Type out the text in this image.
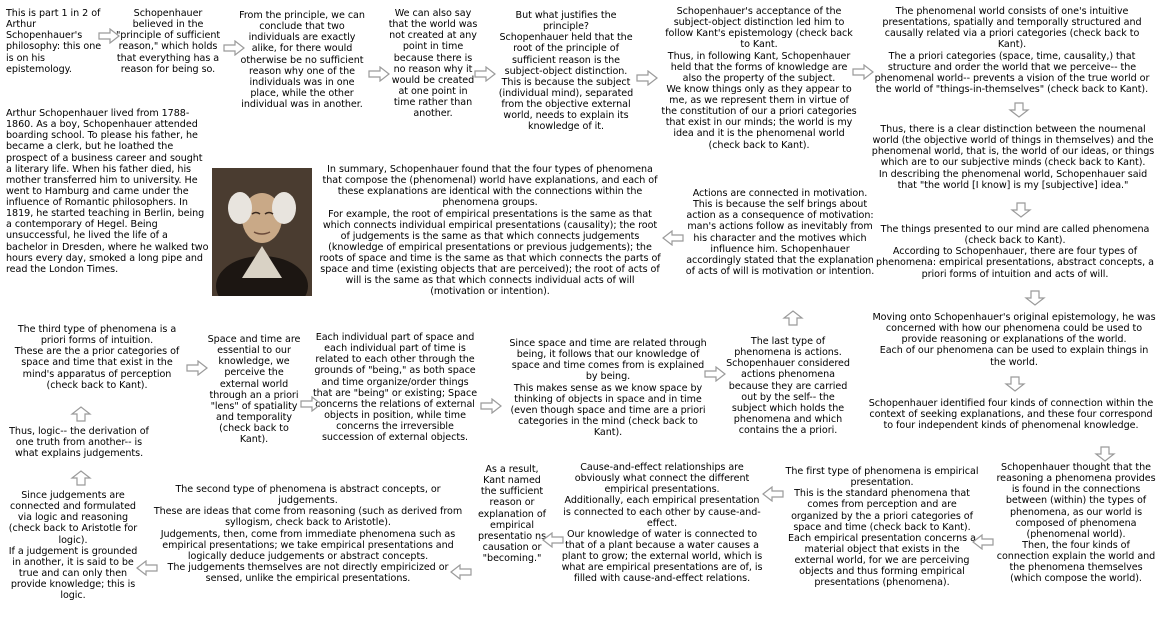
This is part 1 in 2 of Arthur Schopenhauer's philosophy: this one is on his epistemology.

Schopenhauer believed in the "principle of sufficient reason," which holds that everything has a reason for being so.

From the principle, we can conclude that two individuals are exactly alike, for there would otherwise be no sufficient reason why one of the individuals was in one place, while the other individual was in another.

We can also say that the world was not created at any point in time because there is no reason why it would be created at one point in time rather than another.

But what justifies the principle?
Schopenhauer held that the root of the principle of sufficient reason is the subject-object distinction.
This is because the subject (individual mind), separated from the objective external world, needs to explain its knowledge of it.

Schopenhauer's acceptance of the subject-object distinction led him to follow Kant's epistemology (check back to Kant.
Thus, in following Kant, Schopenhauer held that the forms of knowledge are also the property of the subject.
We know things only as they appear to me, as we represent them in virtue of the constitution of our a priori categories that exist in our minds; the world is my idea and it is the phenomenal world (check back to Kant).

The phenomenal world consists of one's intuitive presentations, spatially and temporally structured and causally related via a priori categories (check back to Kant).
The a priori categories (space, time, causality,) that structure and order the world that we perceive-- the phenomenal world-- prevents a vision of the true world or the world of "things-in-themselves" (check back to Kant).

Arthur Schopenhauer lived from 1788-1860. As a boy, Schopenhauer attended boarding school. To please his father, he became a clerk, but he loathed the prospect of a business career and sought a literary life. When his father died, his mother transferred him to university. He went to Hamburg and came under the influence of Romantic philosophers. In 1819, he started teaching in Berlin, being a contemporary of Hegel. Being unsuccessful, he lived the life of a bachelor in Dresden, where he walked two hours every day, smoked a long pipe and read the London Times.

In summary, Schopenhauer found that the four types of phenomena that compose the (phenomenal) world have explanations, and each of these explanations are identical with the connections within the phenomena groups.
For example, the root of empirical presentations is the same as that which connects individual empirical presentations (causality); the root of judgements is the same as that which connects judgements (knowledge of empirical presentations or previous judgements); the roots of space and time is the same as that which connects the parts of space and time (existing objects that are perceived); the root of acts of will is the same as that which connects individual acts of will (motivation or intention).

Actions are connected in motivation. This is because the self brings about action as a consequence of motivation: man's actions follow as inevitably from his character and the motives which influence him. Schopenhauer accordingly stated that the explanation of acts of will is motivation or intention.

Thus, there is a clear distinction between the noumenal world (the objective world of things in themselves) and the phenomenal world, that is, the world of our ideas, or things which are to our subjective minds (check back to Kant).
In describing the phenomenal world, Schopenhauer said that "the world [I know] is my [subjective] idea."

The things presented to our mind are called phenomena (check back to Kant).
According to Schopenhauer, there are four types of phenomena: empirical presentations, abstract concepts, a priori forms of intuition and acts of will.

Moving onto Schopenhauer's original epistemology, he was concerned with how our phenomena could be used to provide reasoning or explanations of the world.
Each of our phenomena can be used to explain things in the world.

The third type of phenomena is a priori forms of intuition.
These are the a prior categories of space and time that exist in the mind's apparatus of perception (check back to Kant).

Space and time are essential to our knowledge, we perceive the external world through an a priori "lens" of spatiality and temporality (check back to Kant).

Each individual part of space and each individual part of time is related to each other through the grounds of "being," as both space and time organize/order things that are "being" or existing; Space concerns the relations of external objects in position, while time concerns the irreversible succession of external objects.

Since space and time are related through being, it follows that our knowledge of space and time comes from is explained by being.
This makes sense as we know space by thinking of objects in space and in time (even though space and time are a priori categories in the mind (check back to Kant).

The last type of phenomena is actions. Schopenhauer considered actions phenomena because they are carried out by the self-- the subject which holds the phenomena and which contains the a priori.

Schopenhauer identified four kinds of connection within the context of seeking explanations, and these four correspond to four independent kinds of phenomenal knowledge.

Thus, logic-- the derivation of one truth from another-- is what explains judgements.

Since judgements are connected and formulated via logic and reasoning (check back to Aristotle for logic).
If a judgement is grounded in another, it is said to be true and can only then provide knowledge; this is logic.

The second type of phenomena is abstract concepts, or judgements.
These are ideas that come from reasoning (such as derived from syllogism, check back to Aristotle).
Judgements, then, come from immediate phenomena such as empirical presentations; we take empirical presentations and logically deduce judgements or abstract concepts.
The judgements themselves are not directly empiricized or sensed, unlike the empirical presentations.

As a result, Kant named the sufficient reason or explanation of empirical presentatio ns causation or "becoming."

Cause-and-effect relationships are obviously what connect the different empirical presentations.
Additionally, each empirical presentation is connected to each other by cause-and-effect.
Our knowledge of water is connected to that of a plant because a water causes a plant to grow; the external world, which is what are empirical presentations are of, is filled with cause-and-effect relations.

The first type of phenomena is empirical presentation.
This is the standard phenomena that comes from perception and are organized by the a priori categories of space and time (check back to Kant).
Each empirical presentation concerns a material object that exists in the external world, for we are perceiving objects and thus forming empirical presentations (phenomena).

Schopenhauer thought that the reasoning a phenomena provides is found in the connections between (within) the types of phenomena, as our world is composed of phenomena (phenomenal world).
Then, the four kinds of connection explain the world and the phenomena themselves (which compose the world).
